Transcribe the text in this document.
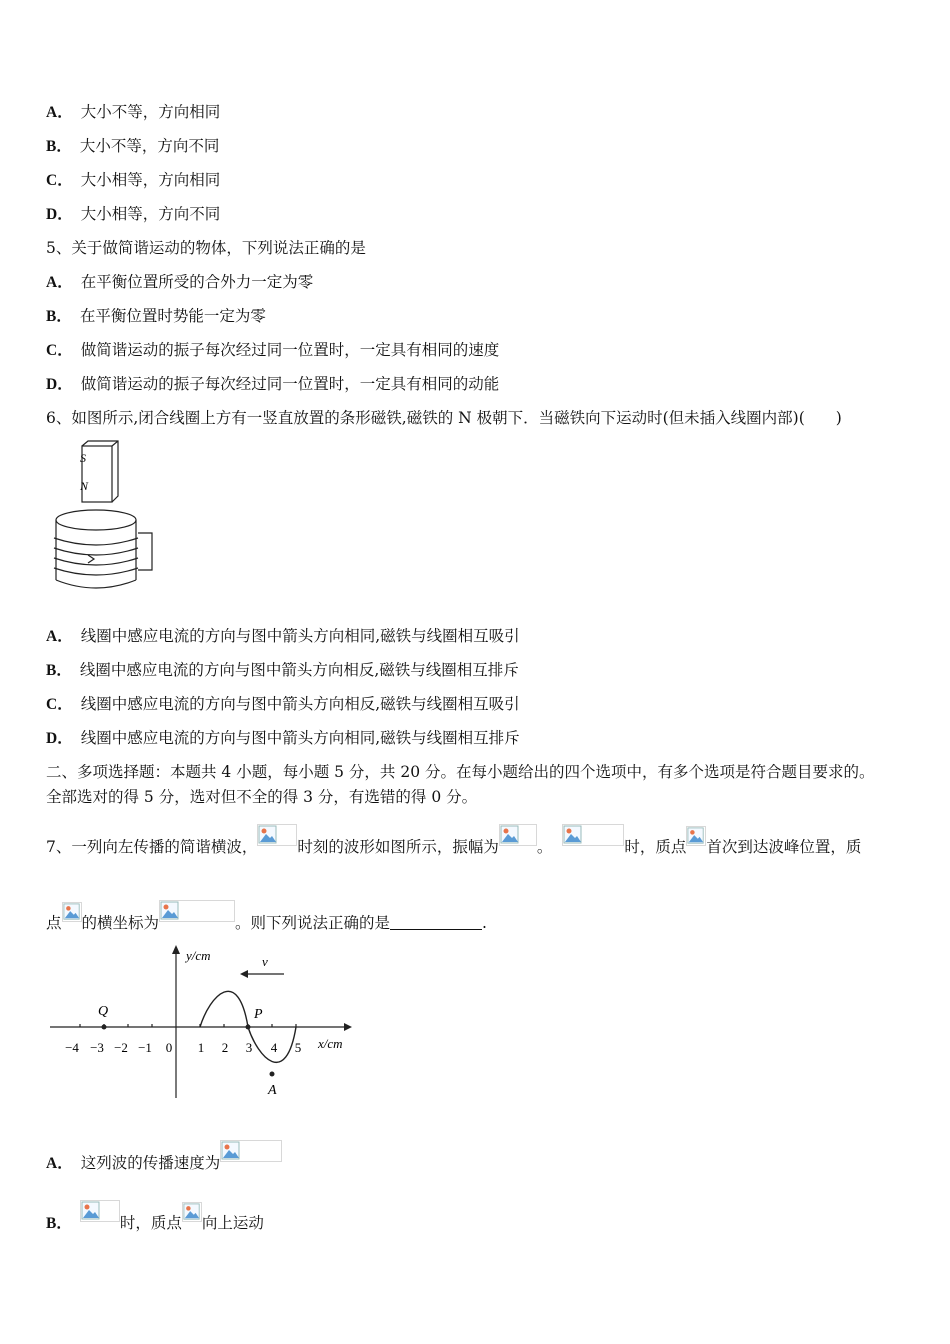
A． 大小不等，方向相同
B． 大小不等，方向不同
C． 大小相等，方向相同
D． 大小相等，方向不同
5、关于做简谐运动的物体，下列说法正确的是
A． 在平衡位置所受的合外力一定为零
B． 在平衡位置时势能一定为零
C． 做简谐运动的振子每次经过同一位置时，一定具有相同的速度
D． 做简谐运动的振子每次经过同一位置时，一定具有相同的动能
6、如图所示,闭合线圈上方有一竖直放置的条形磁铁,磁铁的 N 极朝下．当磁铁向下运动时(但未插入线圈内部)(　　)
S
N
A． 线圈中感应电流的方向与图中箭头方向相同,磁铁与线圈相互吸引
B． 线圈中感应电流的方向与图中箭头方向相反,磁铁与线圈相互排斥
C． 线圈中感应电流的方向与图中箭头方向相反,磁铁与线圈相互吸引
D． 线圈中感应电流的方向与图中箭头方向相同,磁铁与线圈相互排斥
二、多项选择题：本题共 4 小题，每小题 5 分，共 20 分。在每小题给出的四个选项中，有多个选项是符合题目要求的。
全部选对的得 5 分，选对但不全的得 3 分，有选错的得 0 分。
7、一列向左传播的简谐横波，	时刻的波形如图所示，振幅为 。	时，质点 首次到达波峰位置，质
点 的横坐标为	。则下列说法正确的是	.
y/cm
x/cm
v
−4 −3 −2 −1 0 1 2 3 4 5
Q	P
A
A． 这列波的传播速度为
B．	时，质点 向上运动
